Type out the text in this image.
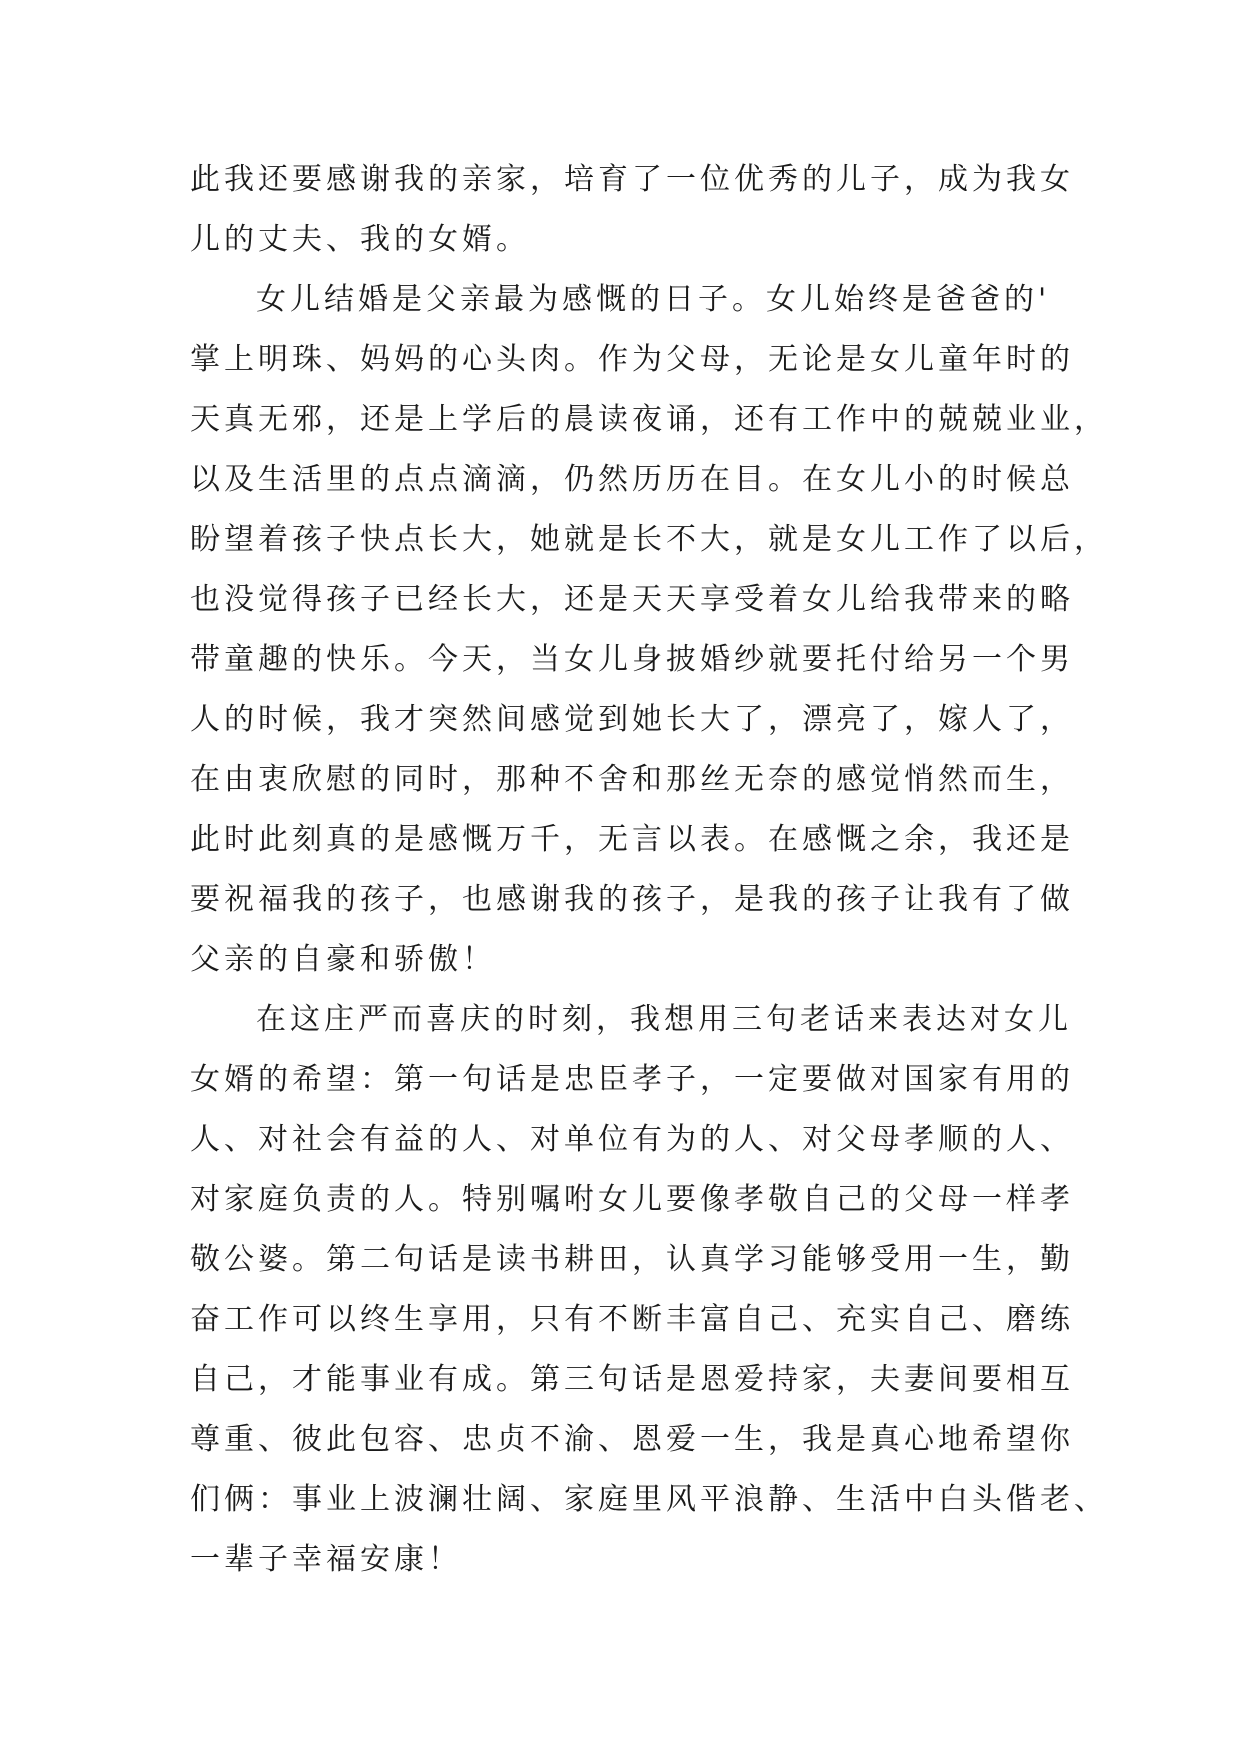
此我还要感谢我的亲家，培育了一位优秀的儿子，成为我女
儿的丈夫、我的女婿。
女儿结婚是父亲最为感慨的日子。女儿始终是爸爸的'
掌上明珠、妈妈的心头肉。作为父母，无论是女儿童年时的
天真无邪，还是上学后的晨读夜诵，还有工作中的兢兢业业，
以及生活里的点点滴滴，仍然历历在目。在女儿小的时候总
盼望着孩子快点长大，她就是长不大，就是女儿工作了以后，
也没觉得孩子已经长大，还是天天享受着女儿给我带来的略
带童趣的快乐。今天，当女儿身披婚纱就要托付给另一个男
人的时候，我才突然间感觉到她长大了，漂亮了，嫁人了，
在由衷欣慰的同时，那种不舍和那丝无奈的感觉悄然而生，
此时此刻真的是感慨万千，无言以表。在感慨之余，我还是
要祝福我的孩子，也感谢我的孩子，是我的孩子让我有了做
父亲的自豪和骄傲！
在这庄严而喜庆的时刻，我想用三句老话来表达对女儿
女婿的希望：第一句话是忠臣孝子，一定要做对国家有用的
人、对社会有益的人、对单位有为的人、对父母孝顺的人、
对家庭负责的人。特别嘱咐女儿要像孝敬自己的父母一样孝
敬公婆。第二句话是读书耕田，认真学习能够受用一生，勤
奋工作可以终生享用，只有不断丰富自己、充实自己、磨练
自己，才能事业有成。第三句话是恩爱持家，夫妻间要相互
尊重、彼此包容、忠贞不渝、恩爱一生，我是真心地希望你
们俩：事业上波澜壮阔、家庭里风平浪静、生活中白头偕老、
一辈子幸福安康！
